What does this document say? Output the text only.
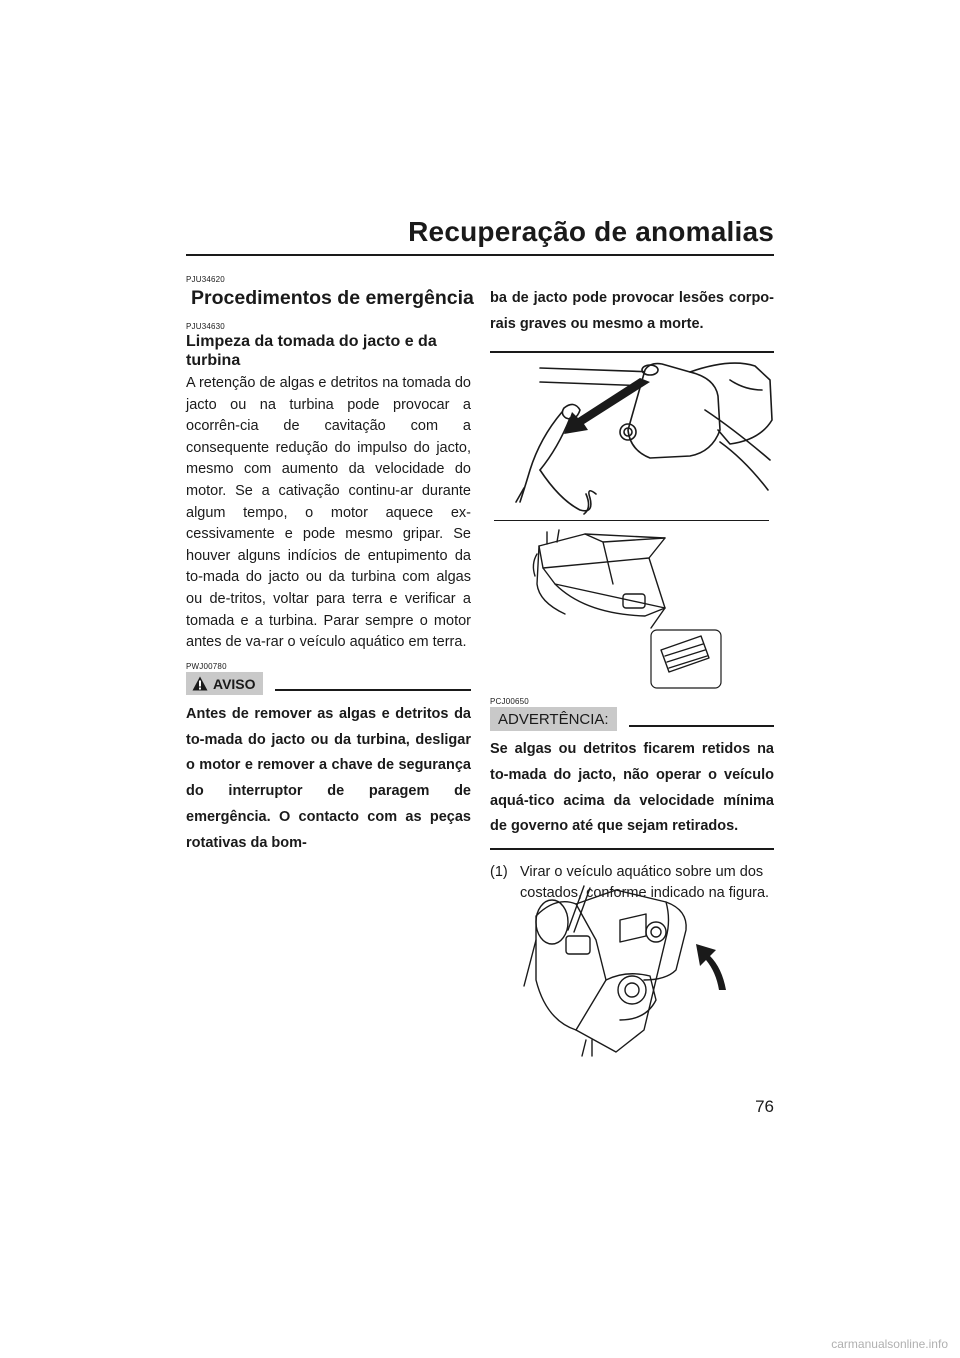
Recuperação de anomalias
PJU34620
Procedimentos de emergência
PJU34630
Limpeza da tomada do jacto e da turbina

A retenção de algas e detritos na tomada do jacto ou na turbina pode provocar a ocorrên-cia de cavitação com a consequente redução do impulso do jacto, mesmo com aumento da velocidade do motor. Se a cativação continu-ar durante algum tempo, o motor aquece ex-cessivamente e pode mesmo gripar. Se houver alguns indícios de entupimento da to-mada do jacto ou da turbina com algas ou de-tritos, voltar para terra e verificar a tomada e a turbina. Parar sempre o motor antes de va-rar o veículo aquático em terra.

PWJ00780
AVISO

Antes de remover as algas e detritos da to-mada do jacto ou da turbina, desligar o motor e remover a chave de segurança do interruptor de paragem de emergência. O contacto com as peças rotativas da bom-

ba de jacto pode provocar lesões corpo-rais graves ou mesmo a morte.

PCJ00650
ADVERTÊNCIA:

Se algas ou detritos ficarem retidos na to-mada do jacto, não operar o veículo aquá-tico acima da velocidade mínima de governo até que sejam retirados.

(1) Virar o veículo aquático sobre um dos costados, conforme indicado na figura.
76
carmanualsonline.info
